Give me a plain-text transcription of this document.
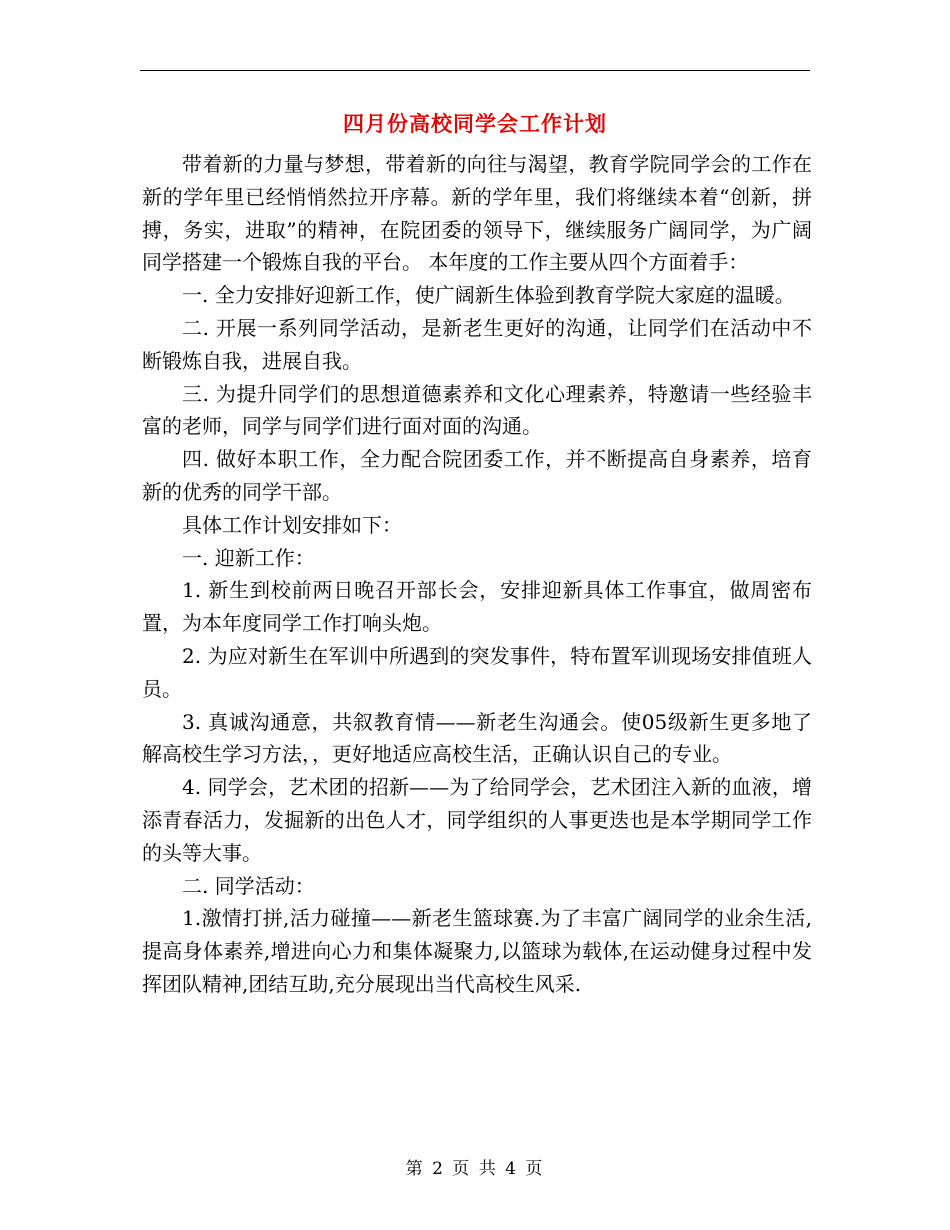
四月份高校同学会工作计划

带着新的力量与梦想，带着新的向往与渴望，教育学院同学会的工作在新的学年里已经悄悄然拉开序幕。新的学年里，我们将继续本着“创新，拼搏，务实，进取”的精神，在院团委的领导下，继续服务广阔同学，为广阔同学搭建一个锻炼自我的平台。 本年度的工作主要从四个方面着手：

一. 全力安排好迎新工作，使广阔新生体验到教育学院大家庭的温暖。

二. 开展一系列同学活动，是新老生更好的沟通，让同学们在活动中不断锻炼自我，进展自我。

三. 为提升同学们的思想道德素养和文化心理素养，特邀请一些经验丰富的老师，同学与同学们进行面对面的沟通。

四. 做好本职工作，全力配合院团委工作，并不断提高自身素养，培育新的优秀的同学干部。

具体工作计划安排如下：

一. 迎新工作：

1. 新生到校前两日晚召开部长会，安排迎新具体工作事宜，做周密布置，为本年度同学工作打响头炮。

2. 为应对新生在军训中所遇到的突发事件，特布置军训现场安排值班人员。

3. 真诚沟通意，共叙教育情——新老生沟通会。使05级新生更多地了解高校生学习方法，，更好地适应高校生活，正确认识自己的专业。

4. 同学会，艺术团的招新——为了给同学会，艺术团注入新的血液，增添青春活力，发掘新的出色人才，同学组织的人事更迭也是本学期同学工作的头等大事。

二. 同学活动：

1.激情打拼,活力碰撞——新老生篮球赛.为了丰富广阔同学的业余生活,提高身体素养,增进向心力和集体凝聚力,以篮球为载体,在运动健身过程中发挥团队精神,团结互助,充分展现出当代高校生风采.

第 2 页 共 4 页
